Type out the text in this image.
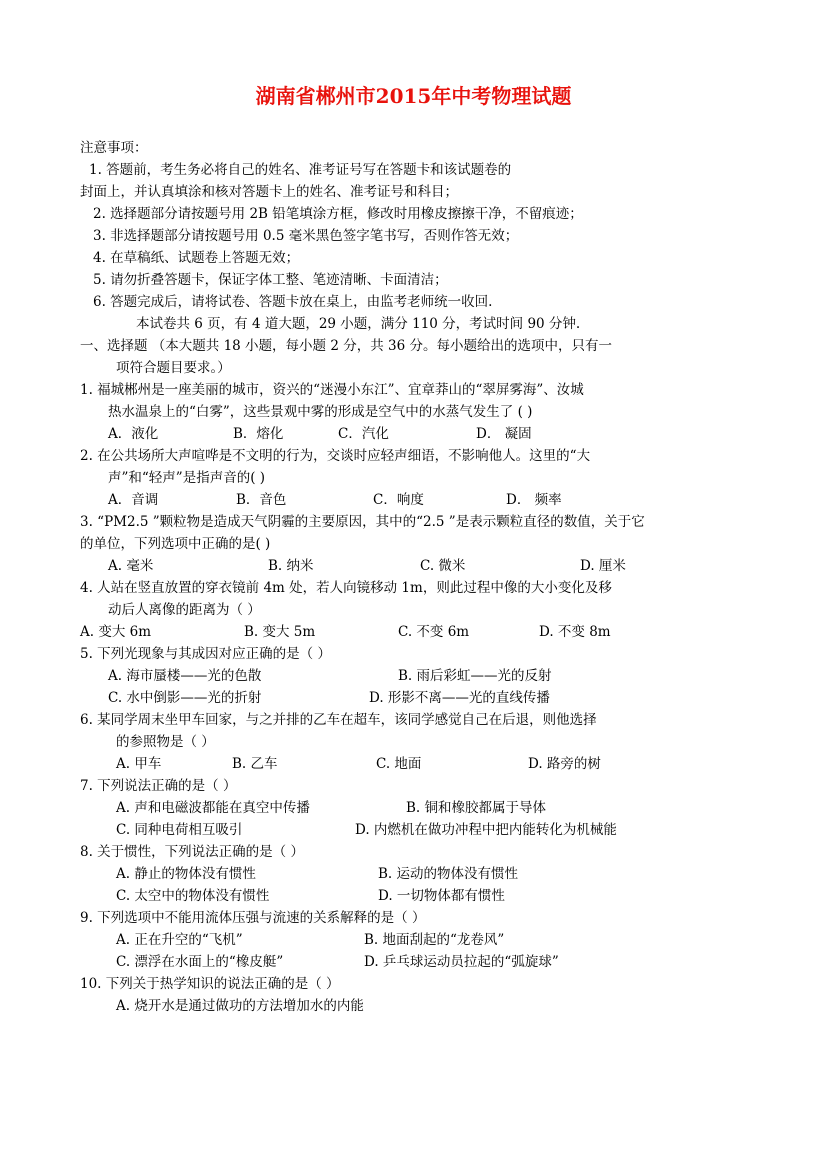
湖南省郴州市2015年中考物理试题
注意事项：
1. 答题前，考生务必将自己的姓名、准考证号写在答题卡和该试题卷的
封面上，并认真填涂和核对答题卡上的姓名、准考证号和科目；
2. 选择题部分请按题号用 2B 铅笔填涂方框，修改时用橡皮擦擦干净，不留痕迹；
3. 非选择题部分请按题号用 0.5 毫米黑色签字笔书写，否则作答无效；
4. 在草稿纸、试题卷上答题无效；
5. 请勿折叠答题卡，保证字体工整、笔迹清晰、卡面清洁；
6. 答题完成后，请将试卷、答题卡放在桌上，由监考老师统一收回.
本试卷共 6 页，有 4 道大题，29 小题，满分 110 分，考试时间 90 分钟.
一、选择题 （本大题共 18 小题，每小题 2 分，共 36 分。每小题给出的选项中，只有一
项符合题目要求。）
1. 福城郴州是一座美丽的城市，资兴的“迷漫小东江”、宜章莽山的“翠屏雾海”、汝城
热水温泉上的“白雾”，这些景观中雾的形成是空气中的水蒸气发生了 ( )
A．液化	B．熔化	C．汽化	D． 凝固
2. 在公共场所大声喧哗是不文明的行为，交谈时应轻声细语，不影响他人。这里的“大
声”和“轻声”是指声音的( )
A．音调	B．音色	C．响度	D． 频率
3. “PM2.5 ”颗粒物是造成天气阴霾的主要原因，其中的“2.5 ”是表示颗粒直径的数值，关于它
的单位，下列选项中正确的是( )
A. 毫米	B. 纳米	C. 微米	D. 厘米
4. 人站在竖直放置的穿衣镜前 4m 处，若人向镜移动 1m，则此过程中像的大小变化及移
动后人离像的距离为（ ）
A. 变大 6m	B. 变大 5m	C. 不变 6m	D. 不变 8m
5. 下列光现象与其成因对应正确的是（ ）
A. 海市蜃楼——光的色散	B. 雨后彩虹——光的反射
C. 水中倒影——光的折射	D. 形影不离——光的直线传播
6. 某同学周末坐甲车回家，与之并排的乙车在超车，该同学感觉自己在后退，则他选择
的参照物是（ ）
A. 甲车	B. 乙车	C. 地面	D. 路旁的树
7. 下列说法正确的是（ ）
A. 声和电磁波都能在真空中传播	B. 铜和橡胶都属于导体
C. 同种电荷相互吸引	D. 内燃机在做功冲程中把内能转化为机械能
8. 关于惯性，下列说法正确的是（ ）
A. 静止的物体没有惯性	B. 运动的物体没有惯性
C. 太空中的物体没有惯性	D. 一切物体都有惯性
9. 下列选项中不能用流体压强与流速的关系解释的是（ ）
A. 正在升空的“飞机”	B. 地面刮起的“龙卷风”
C. 漂浮在水面上的“橡皮艇”	D. 乒乓球运动员拉起的“弧旋球”
10. 下列关于热学知识的说法正确的是（ ）
A. 烧开水是通过做功的方法增加水的内能
